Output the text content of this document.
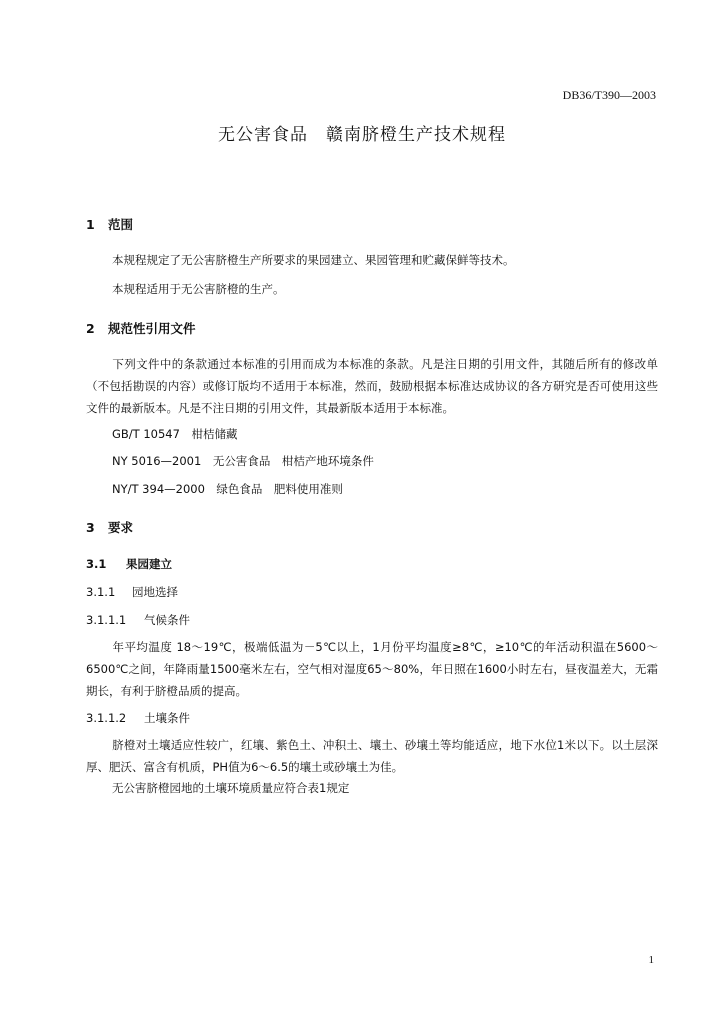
DB36/T390—2003
无公害食品　赣南脐橙生产技术规程
1 范围
本规程规定了无公害脐橙生产所要求的果园建立、果园管理和贮藏保鲜等技术。
本规程适用于无公害脐橙的生产。
2 规范性引用文件
下列文件中的条款通过本标准的引用而成为本标准的条款。凡是注日期的引用文件，其随后所有的修改单（不包括勘误的内容）或修订版均不适用于本标准，然而，鼓励根据本标准达成协议的各方研究是否可使用这些文件的最新版本。凡是不注日期的引用文件，其最新版本适用于本标准。
GB/T 10547　柑桔储藏
NY 5016—2001　无公害食品　柑桔产地环境条件
NY/T 394—2000　绿色食品　肥料使用准则
3 要求
3.1 果园建立
3.1.1 园地选择
3.1.1.1 气候条件
年平均温度 18～19℃，极端低温为－5℃以上，1月份平均温度≥8℃，≥10℃的年活动积温在5600～6500℃之间，年降雨量1500毫米左右，空气相对湿度65～80%，年日照在1600小时左右，昼夜温差大，无霜期长，有利于脐橙品质的提高。
3.1.1.2 土壤条件
脐橙对土壤适应性较广，红壤、紫色土、冲积土、壤土、砂壤土等均能适应，地下水位1米以下。以土层深厚、肥沃、富含有机质，PH值为6～6.5的壤土或砂壤土为佳。
无公害脐橙园地的土壤环境质量应符合表1规定
1
